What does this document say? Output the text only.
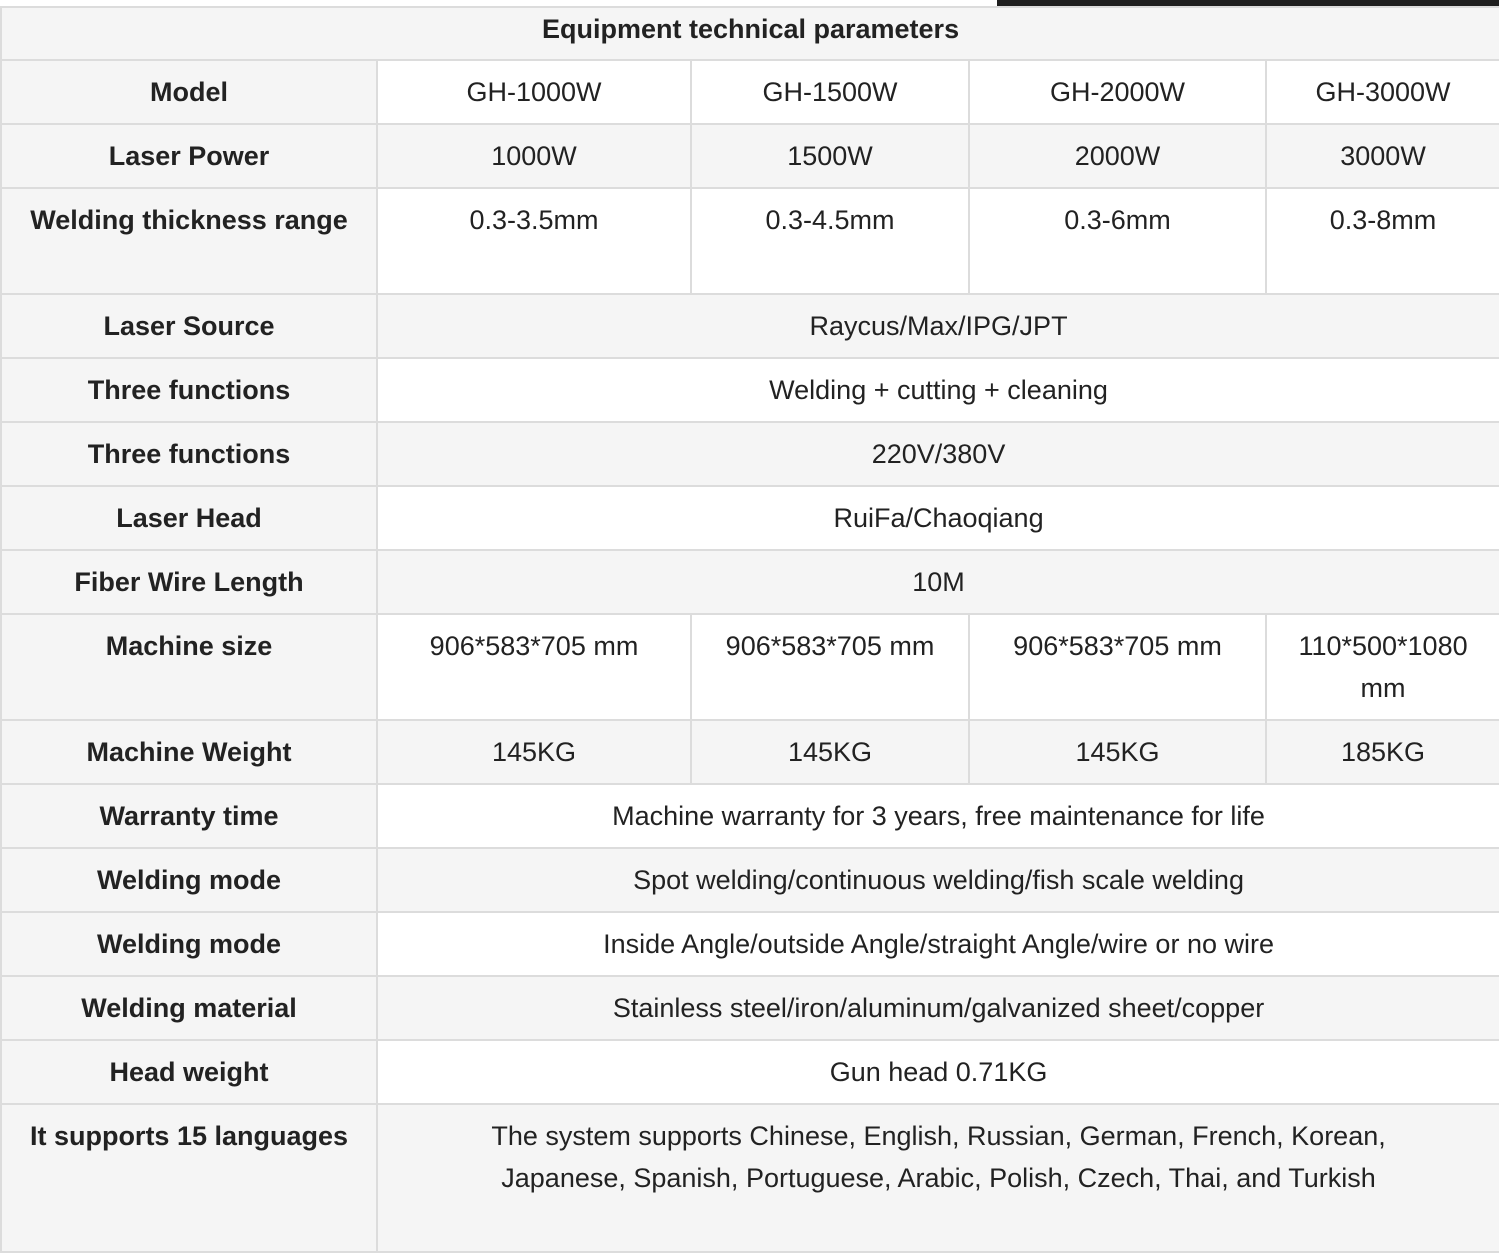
Equipment technical parameters				
Model	GH-1000W	GH-1500W	GH-2000W	GH-3000W
Laser Power	1000W	1500W	2000W	3000W
Welding thickness range	0.3-3.5mm	0.3-4.5mm	0.3-6mm	0.3-8mm
Laser Source	Raycus/Max/IPG/JPT			
Three functions	Welding + cutting + cleaning			
Three functions	220V/380V			
Laser Head	RuiFa/Chaoqiang			
Fiber Wire Length	10M			
Machine size	906*583*705 mm	906*583*705 mm	906*583*705 mm	110*500*1080 mm
Machine Weight	145KG	145KG	145KG	185KG
Warranty time	Machine warranty for 3 years, free maintenance for life			
Welding mode	Spot welding/continuous welding/fish scale welding			
Welding mode	Inside Angle/outside Angle/straight Angle/wire or no wire			
Welding material	Stainless steel/iron/aluminum/galvanized sheet/copper			
Head weight	Gun head 0.71KG			
It supports 15 languages	The system supports Chinese, English, Russian, German, French, Korean, Japanese, Spanish, Portuguese, Arabic, Polish, Czech, Thai, and Turkish			
